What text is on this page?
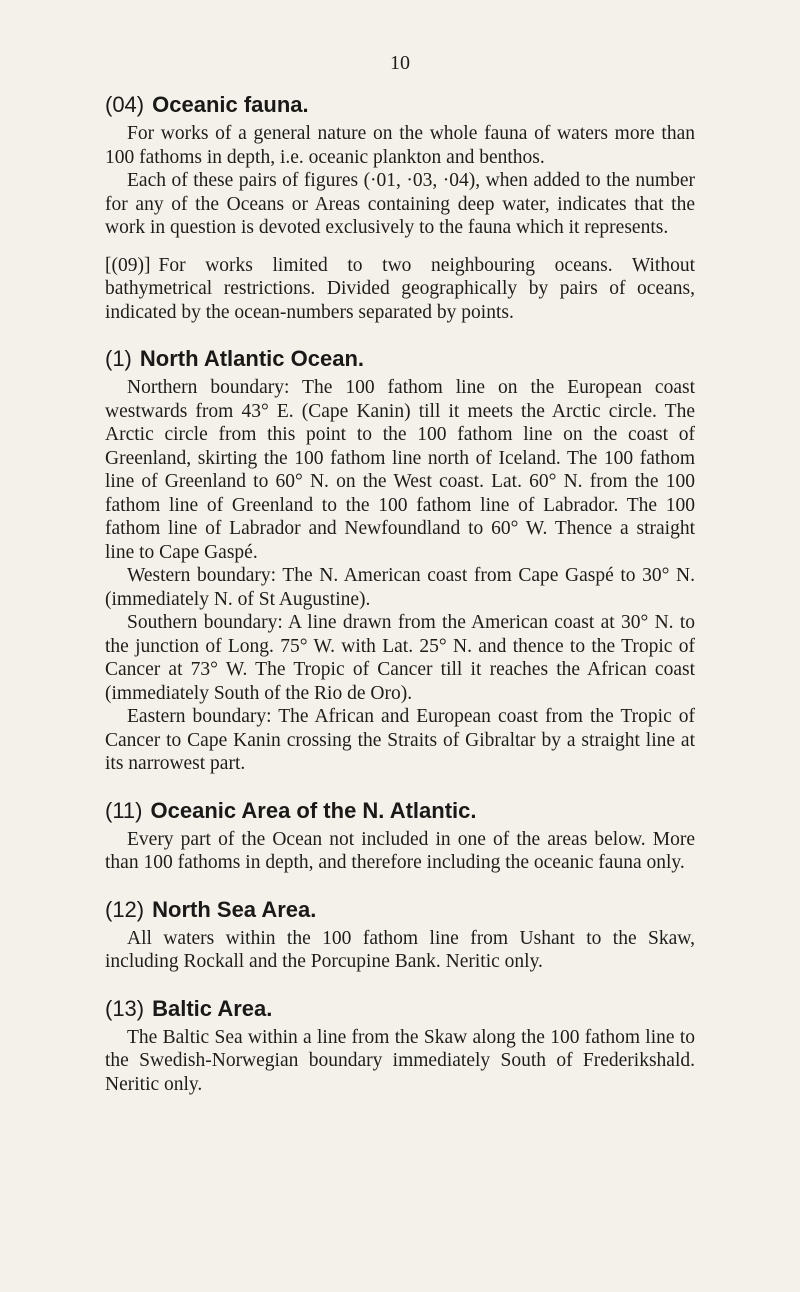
10
(04) Oceanic fauna.

For works of a general nature on the whole fauna of waters more than 100 fathoms in depth, i.e. oceanic plankton and benthos.

Each of these pairs of figures (·01, ·03, ·04), when added to the number for any of the Oceans or Areas containing deep water, indicates that the work in question is devoted exclusively to the fauna which it represents.

[(09)] For works limited to two neighbouring oceans. Without bathymetrical restrictions. Divided geographically by pairs of oceans, indicated by the ocean-numbers separated by points.

(1) North Atlantic Ocean.

Northern boundary: The 100 fathom line on the European coast westwards from 43° E. (Cape Kanin) till it meets the Arctic circle. The Arctic circle from this point to the 100 fathom line on the coast of Greenland, skirting the 100 fathom line north of Iceland. The 100 fathom line of Greenland to 60° N. on the West coast. Lat. 60° N. from the 100 fathom line of Greenland to the 100 fathom line of Labrador. The 100 fathom line of Labrador and Newfoundland to 60° W. Thence a straight line to Cape Gaspé.

Western boundary: The N. American coast from Cape Gaspé to 30° N. (immediately N. of St Augustine).

Southern boundary: A line drawn from the American coast at 30° N. to the junction of Long. 75° W. with Lat. 25° N. and thence to the Tropic of Cancer at 73° W. The Tropic of Cancer till it reaches the African coast (immediately South of the Rio de Oro).

Eastern boundary: The African and European coast from the Tropic of Cancer to Cape Kanin crossing the Straits of Gibraltar by a straight line at its narrowest part.

(11) Oceanic Area of the N. Atlantic.

Every part of the Ocean not included in one of the areas below. More than 100 fathoms in depth, and therefore including the oceanic fauna only.

(12) North Sea Area.

All waters within the 100 fathom line from Ushant to the Skaw, including Rockall and the Porcupine Bank. Neritic only.

(13) Baltic Area.

The Baltic Sea within a line from the Skaw along the 100 fathom line to the Swedish-Norwegian boundary immediately South of Frederikshald. Neritic only.
